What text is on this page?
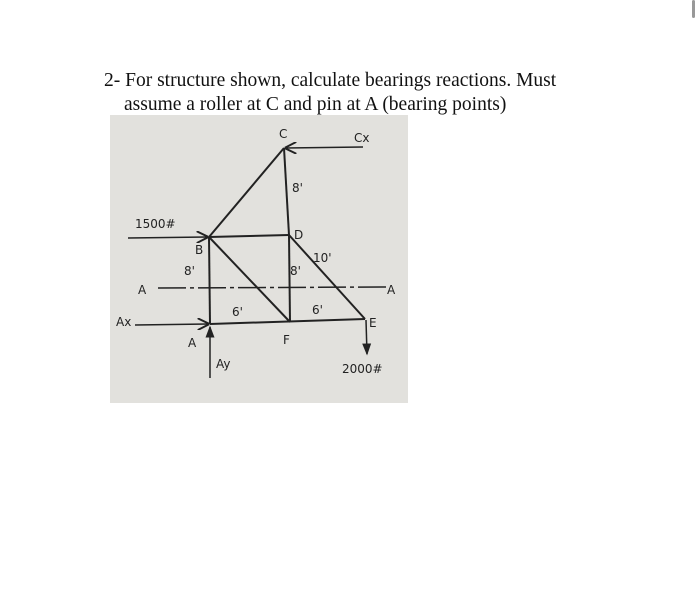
2- For structure shown, calculate bearings reactions. Must
assume a roller at C and pin at A (bearing points)
C	Cx
8'
1500#
D
B
10'
8'	8'
A	A
6'	6'
Ax	E
F
A
Ay	2000#
